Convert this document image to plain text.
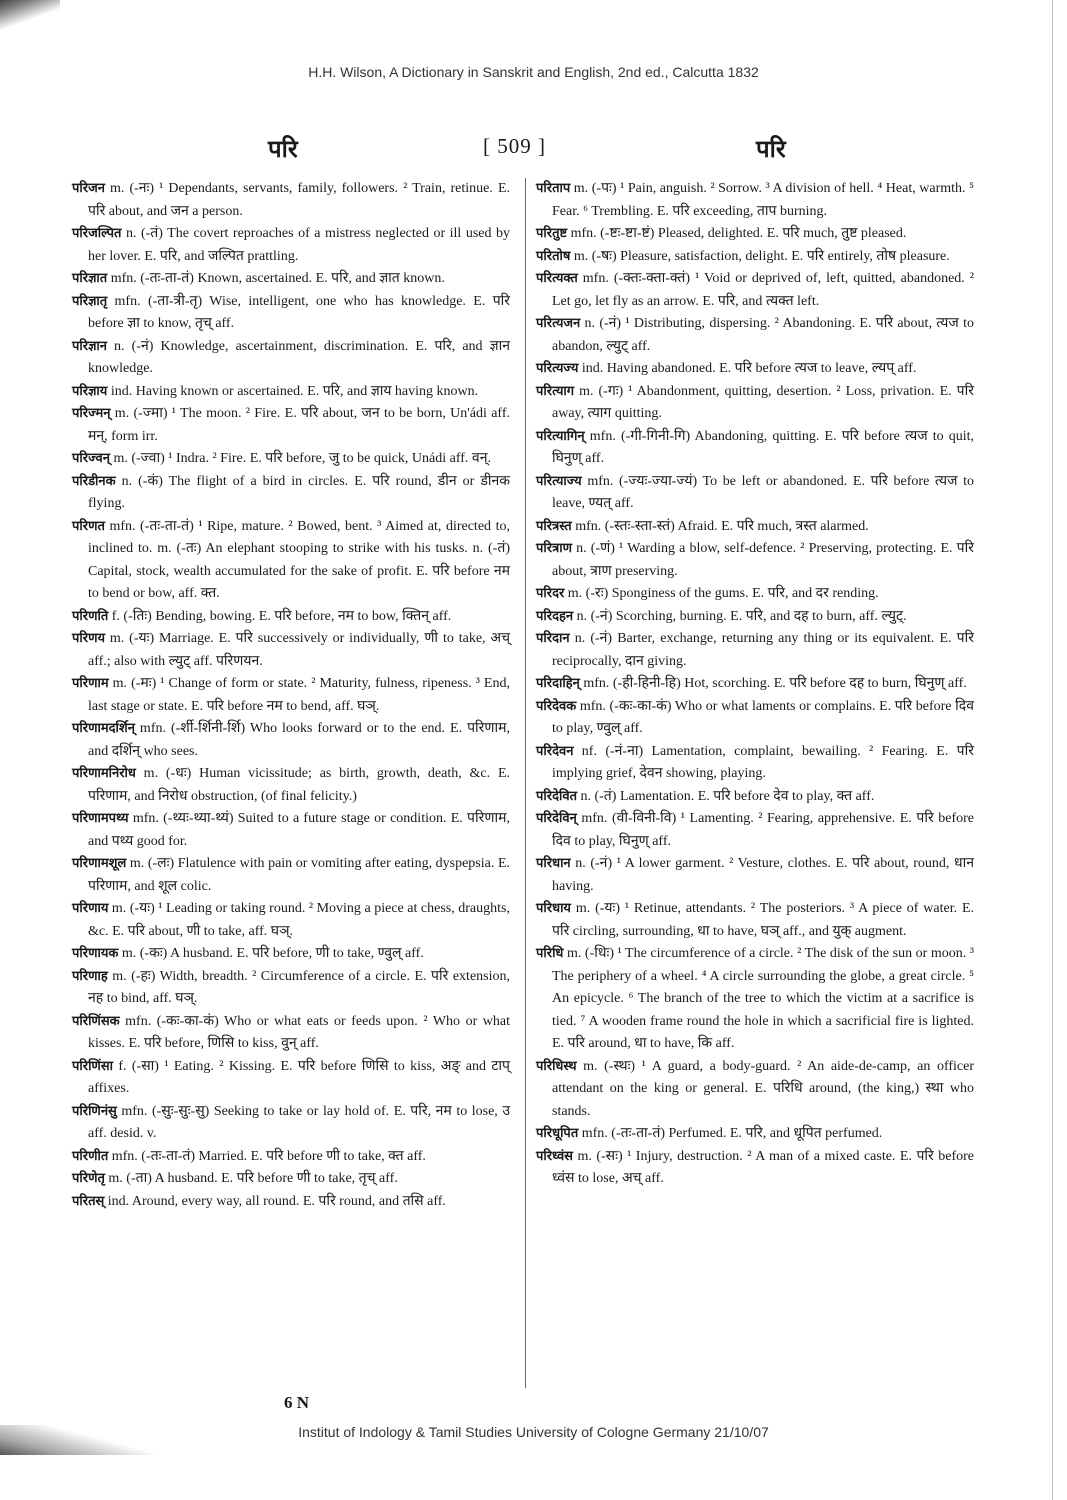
H.H. Wilson, A Dictionary in Sanskrit and English, 2nd ed., Calcutta 1832
परि	[ 509 ]	परि

परिजन m. (-नः) ¹ Dependants, servants, family, followers. ² Train, retinue. E. परि about, and जन a person.

परिजल्पित n. (-तं) The covert reproaches of a mistress neglected or ill used by her lover. E. परि, and जल्पित prattling.

परिज्ञात mfn. (-तः-ता-तं) Known, ascertained. E. परि, and ज्ञात known.

परिज्ञातृ mfn. (-ता-त्री-तृ) Wise, intelligent, one who has knowledge. E. परि before ज्ञा to know, तृच् aff.

परिज्ञान n. (-नं) Knowledge, ascertainment, discrimination. E. परि, and ज्ञान knowledge.

परिज्ञाय ind. Having known or ascertained. E. परि, and ज्ञाय having known.

परिज्मन् m. (-ज्मा) ¹ The moon. ² Fire. E. परि about, जन to be born, Un'ádi aff. मन्, form irr.

परिज्वन् m. (-ज्वा) ¹ Indra. ² Fire. E. परि before, जु to be quick, Unádi aff. वन्.

परिडीनक n. (-कं) The flight of a bird in circles. E. परि round, डीन or डीनक flying.

परिणत mfn. (-तः-ता-तं) ¹ Ripe, mature. ² Bowed, bent. ³ Aimed at, directed to, inclined to. m. (-तः) An elephant stooping to strike with his tusks. n. (-तं) Capital, stock, wealth accumulated for the sake of profit. E. परि before नम to bend or bow, aff. क्त.

परिणति f. (-तिः) Bending, bowing. E. परि before, नम to bow, क्तिन् aff.

परिणय m. (-यः) Marriage. E. परि successively or individually, णी to take, अच् aff.; also with ल्युट् aff. परिणयन.

परिणाम m. (-मः) ¹ Change of form or state. ² Maturity, fulness, ripeness. ³ End, last stage or state. E. परि before नम to bend, aff. घञ्.

परिणामदर्शिन् mfn. (-र्शी-र्शिनी-र्शि) Who looks forward or to the end. E. परिणाम, and दर्शिन् who sees.

परिणामनिरोध m. (-धः) Human vicissitude; as birth, growth, death, &c. E. परिणाम, and निरोध obstruction, (of final felicity.)

परिणामपथ्य mfn. (-थ्यः-थ्या-थ्यं) Suited to a future stage or condition. E. परिणाम, and पथ्य good for.

परिणामशूल m. (-लः) Flatulence with pain or vomiting after eating, dyspepsia. E. परिणाम, and शूल colic.

परिणाय m. (-यः) ¹ Leading or taking round. ² Moving a piece at chess, draughts, &c. E. परि about, णी to take, aff. घञ्.

परिणायक m. (-कः) A husband. E. परि before, णी to take, ण्वुल् aff.

परिणाह m. (-हः) Width, breadth. ² Circumference of a circle. E. परि extension, नह to bind, aff. घञ्.

परिणिंसक mfn. (-कः-का-कं) Who or what eats or feeds upon. ² Who or what kisses. E. परि before, णिसि to kiss, वुन् aff.

परिणिंसा f. (-सा) ¹ Eating. ² Kissing. E. परि before णिसि to kiss, अङ् and टाप् affixes.

परिणिनंसु mfn. (-सुः-सुः-सु) Seeking to take or lay hold of. E. परि, नम to lose, उ aff. desid. v.

परिणीत mfn. (-तः-ता-तं) Married. E. परि before णी to take, क्त aff.

परिणेतृ m. (-ता) A husband. E. परि before णी to take, तृच् aff.

परितस् ind. Around, every way, all round. E. परि round, and तसि aff.

परिताप m. (-पः) ¹ Pain, anguish. ² Sorrow. ³ A division of hell. ⁴ Heat, warmth. ⁵ Fear. ⁶ Trembling. E. परि exceeding, ताप burning.

परितुष्ट mfn. (-ष्टः-ष्टा-ष्टं) Pleased, delighted. E. परि much, तुष्ट pleased.

परितोष m. (-षः) Pleasure, satisfaction, delight. E. परि entirely, तोष pleasure.

परित्यक्त mfn. (-क्तः-क्ता-क्तं) ¹ Void or deprived of, left, quitted, abandoned. ² Let go, let fly as an arrow. E. परि, and त्यक्त left.

परित्यजन n. (-नं) ¹ Distributing, dispersing. ² Abandoning. E. परि about, त्यज to abandon, ल्युट् aff.

परित्यज्य ind. Having abandoned. E. परि before त्यज to leave, ल्यप् aff.

परित्याग m. (-गः) ¹ Abandonment, quitting, desertion. ² Loss, privation. E. परि away, त्याग quitting.

परित्यागिन् mfn. (-गी-गिनी-गि) Abandoning, quitting. E. परि before त्यज to quit, घिनुण् aff.

परित्याज्य mfn. (-ज्यः-ज्या-ज्यं) To be left or abandoned. E. परि before त्यज to leave, ण्यत् aff.

परित्रस्त mfn. (-स्तः-स्ता-स्तं) Afraid. E. परि much, त्रस्त alarmed.

परित्राण n. (-णं) ¹ Warding a blow, self-defence. ² Preserving, protecting. E. परि about, त्राण preserving.

परिदर m. (-रः) Sponginess of the gums. E. परि, and दर rending.

परिदहन n. (-नं) Scorching, burning. E. परि, and दह to burn, aff. ल्युट्.

परिदान n. (-नं) Barter, exchange, returning any thing or its equivalent. E. परि reciprocally, दान giving.

परिदाहिन् mfn. (-ही-हिनी-हि) Hot, scorching. E. परि before दह to burn, घिनुण् aff.

परिदेवक mfn. (-कः-का-कं) Who or what laments or complains. E. परि before दिव to play, ण्वुल् aff.

परिदेवन nf. (-नं-ना) Lamentation, complaint, bewailing. ² Fearing. E. परि implying grief, देवन showing, playing.

परिदेवित n. (-तं) Lamentation. E. परि before देव to play, क्त aff.

परिदेविन् mfn. (वी-विनी-वि) ¹ Lamenting. ² Fearing, apprehensive. E. परि before दिव to play, घिनुण् aff.

परिधान n. (-नं) ¹ A lower garment. ² Vesture, clothes. E. परि about, round, धान having.

परिधाय m. (-यः) ¹ Retinue, attendants. ² The posteriors. ³ A piece of water. E. परि circling, surrounding, धा to have, घञ् aff., and युक् augment.

परिधि m. (-धिः) ¹ The circumference of a circle. ² The disk of the sun or moon. ³ The periphery of a wheel. ⁴ A circle surrounding the globe, a great circle. ⁵ An epicycle. ⁶ The branch of the tree to which the victim at a sacrifice is tied. ⁷ A wooden frame round the hole in which a sacrificial fire is lighted. E. परि around, धा to have, कि aff.

परिधिस्थ m. (-स्थः) ¹ A guard, a body-guard. ² An aide-de-camp, an officer attendant on the king or general. E. परिधि around, (the king,) स्था who stands.

परिधूपित mfn. (-तः-ता-तं) Perfumed. E. परि, and धूपित perfumed.

परिध्वंस m. (-सः) ¹ Injury, destruction. ² A man of a mixed caste. E. परि before ध्वंस to lose, अच् aff.

6 N
Institut of Indology & Tamil Studies University of Cologne Germany 21/10/07
